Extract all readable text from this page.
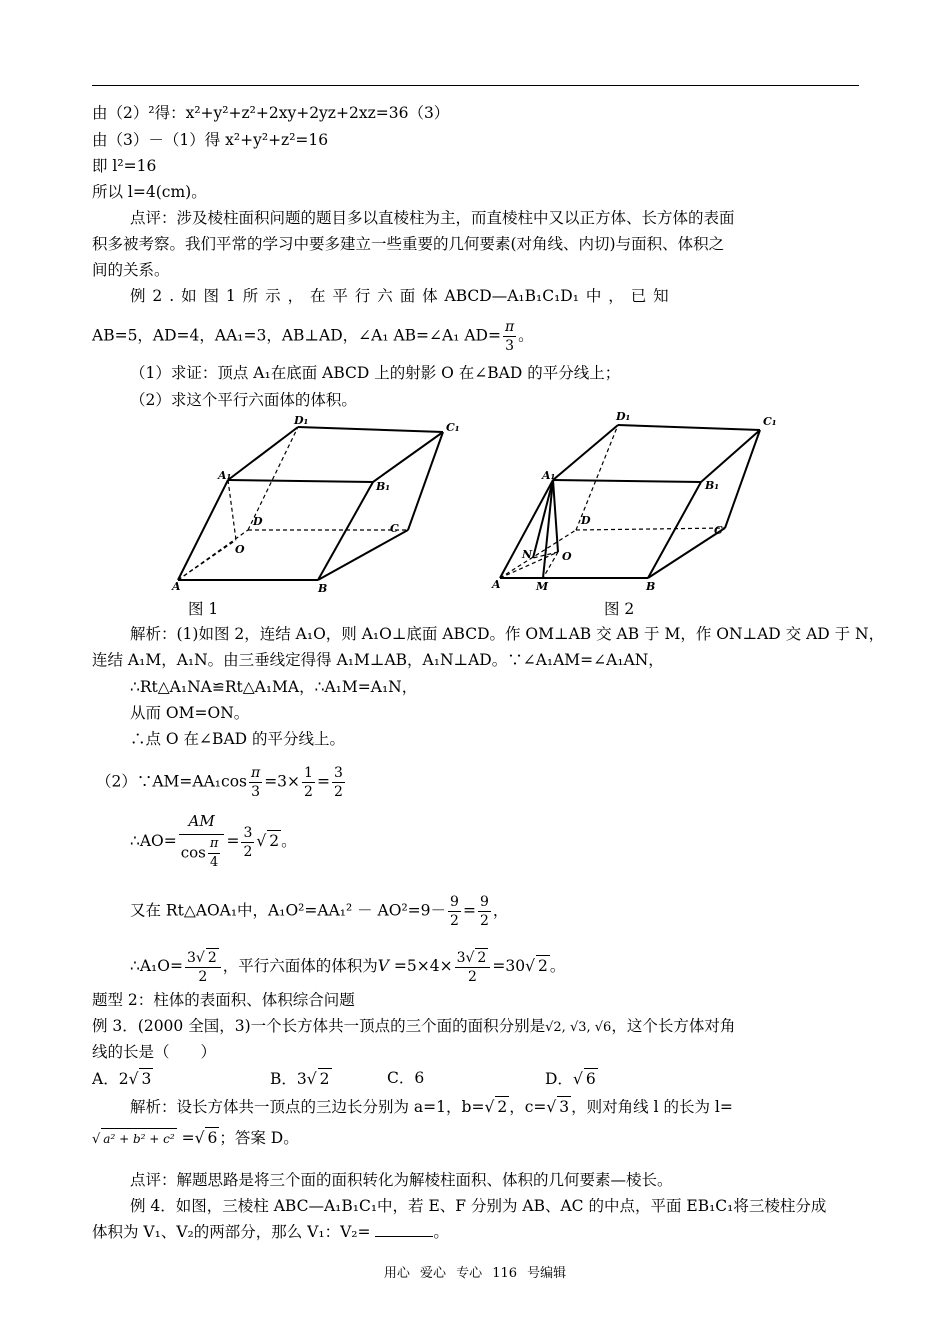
由（2）²得：x²+y²+z²+2xy+2yz+2xz=36（3）
由（3）－（1）得 x²+y²+z²=16
即 l²=16
所以 l=4(cm)。
点评：涉及棱柱面积问题的题目多以直棱柱为主，而直棱柱中又以正方体、长方体的表面
积多被考察。我们平常的学习中要多建立一些重要的几何要素(对角线、内切)与面积、体积之
间的关系。
例 2 . 如 图 1 所 示 ， 在 平 行 六 面 体 ABCD—A₁B₁C₁D₁ 中 ， 已 知
AB=5，AD=4，AA₁=3，AB⊥AD，∠A₁ AB=∠A₁ $AD= \frac{\pi}{3}$ 。
（1）求证：顶点 A₁在底面 ABCD 上的射影 O 在∠BAD 的平分线上；
（2）求这个平行六面体的体积。
D₁
C₁
A₁
B₁
D
C
O
A	B
D₁	C₁
A₁
B₁
D
C
N	O
A	M	B
图 1	图 2
解析：(1)如图 2，连结 A₁O，则 A₁O⊥底面 ABCD。作 OM⊥AB 交 AB 于 M，作 ON⊥AD 交 AD 于 N，
连结 A₁M，A₁N。由三垂线定得得 A₁M⊥AB，A₁N⊥AD。∵∠A₁AM=∠A₁AN，
∴Rt△A₁NA≌Rt△A₁MA，∴A₁M=A₁N，
从而 OM=ON。
∴点 O 在∠BAD 的平分线上。
（2）∵AM=AA₁cos $\frac{\pi}{3} =3\times \frac{1}{2} = \frac{3}{2}$
∴AO= $\frac{AM}{\cos \frac{\pi}{4}} = \frac{3}{2}$ √ 2 。
又在 Rt△AOA₁中，$A_1O^2=AA_1^2 - AO^2=9- \frac{9}{2} = \frac{9}{2}$ ，
∴A₁O= $\frac{3√ 2}{2}$ ，平行六面体的体积为$V =5\times 4\times \frac{3√ 2}{2} =30√$ 2 。
题型 2：柱体的表面积、体积综合问题
例 3．(2000 全国，3)一个长方体共一顶点的三个面的面积分别是√2, √3, √6，这个长方体对角
线的长是（　　）
A．2√ 3	B．3√ 2	C．6	D．√ 6
解析：设长方体共一顶点的三边长分别为 a=1，b=√ 2 ，c=√ 3 ，则对角线 l 的长为 l=
√ a² + b² + c² =√ 6 ；答案 D。
点评：解题思路是将三个面的面积转化为解棱柱面积、体积的几何要素—棱长。
例 4．如图，三棱柱 ABC—A₁B₁C₁中，若 E、F 分别为 AB、AC 的中点，平面 EB₁C₁将三棱柱分成
体积为 V₁、V₂的两部分，那么 V₁：V₂=	。
用心 爱心 专心 116 号编辑
